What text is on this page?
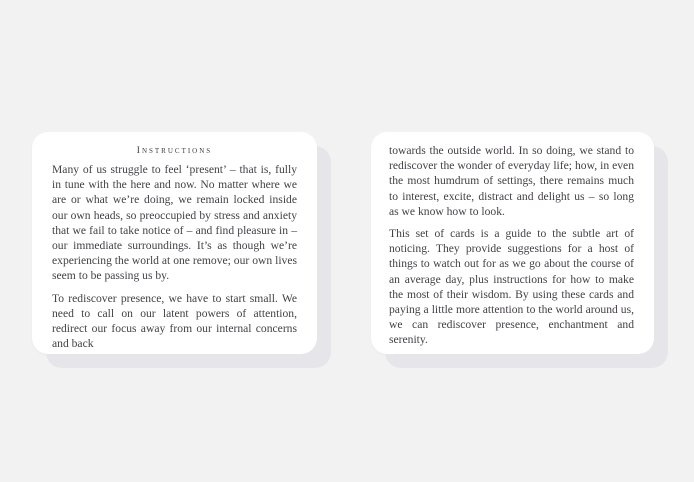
Instructions

Many of us struggle to feel ‘present’ – that is, fully in tune with the here and now. No matter where we are or what we’re doing, we remain locked inside our own heads, so preoccupied by stress and anxiety that we fail to take notice of – and find pleasure in – our immediate surroundings. It’s as though we’re experiencing the world at one remove; our own lives seem to be passing us by.

To rediscover presence, we have to start small. We need to call on our latent powers of attention, redirect our focus away from our internal concerns and back

towards the outside world. In so doing, we stand to rediscover the wonder of everyday life; how, in even the most humdrum of settings, there remains much to interest, excite, distract and delight us – so long as we know how to look.

This set of cards is a guide to the subtle art of noticing. They provide suggestions for a host of things to watch out for as we go about the course of an average day, plus instructions for how to make the most of their wisdom. By using these cards and paying a little more attention to the world around us, we can rediscover presence, enchantment and serenity.
